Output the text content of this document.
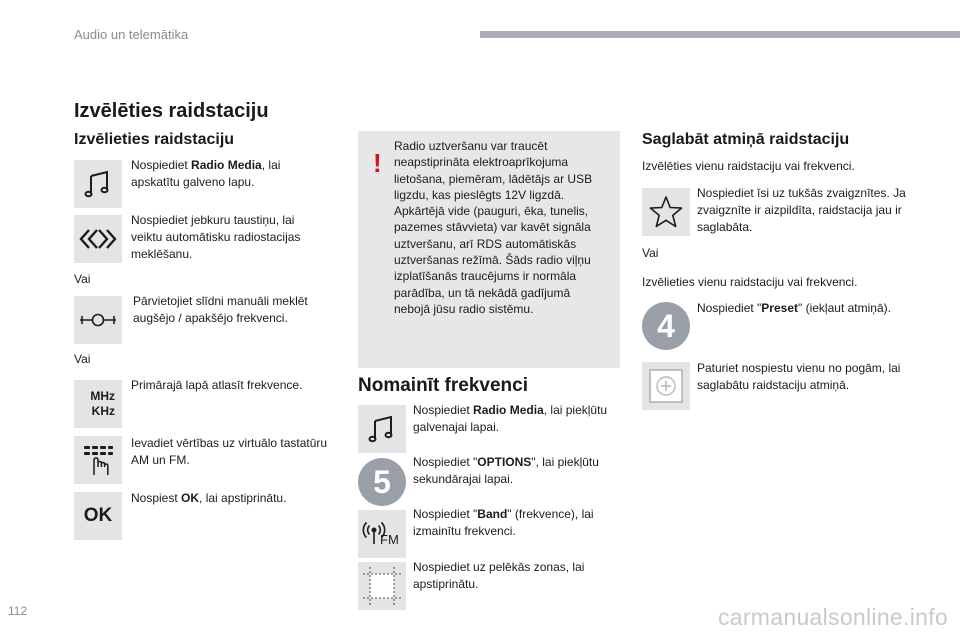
Audio un telemātika
Izvēlēties raidstaciju
Izvēlieties raidstaciju
Nospiediet Radio Media, lai apskatītu galveno lapu.
Nospiediet jebkuru taustiņu, lai veiktu automātisku radiostacijas meklēšanu.
Vai
Pārvietojiet slīdni manuāli meklēt augšējo / apakšējo frekvenci.
Vai
MHz
KHz
Primārajā lapā atlasīt frekvence.
Ievadiet vērtības uz virtuālo tastatūru AM un FM.
OK
Nospiest OK, lai apstiprinātu.
!
Radio uztveršanu var traucēt neapstiprināta elektroaprīkojuma lietošana, piemēram, lādētājs ar USB ligzdu, kas pieslēgts 12V ligzdā. Apkārtējā vide (pauguri, ēka, tunelis, pazemes stāvvieta) var kavēt signāla uztveršanu, arī RDS automātiskās uztveršanas režīmā. Šāds radio viļņu izplatīšanās traucējums ir normāla parādība, un tā nekādā gadījumā nebojā jūsu radio sistēmu.
Nomainīt frekvenci
Nospiediet Radio Media, lai piekļūtu galvenajai lapai.
5
Nospiediet "OPTIONS", lai piekļūtu sekundārajai lapai.
FM
Nospiediet "Band" (frekvence), lai izmainītu frekvenci.
Nospiediet uz pelēkās zonas, lai apstiprinātu.
Saglabāt atmiņā raidstaciju
Izvēlēties vienu raidstaciju vai frekvenci.
Nospiediet īsi uz tukšās zvaigznītes. Ja zvaigznīte ir aizpildīta, raidstacija jau ir saglabāta.
Vai
Izvēlieties vienu raidstaciju vai frekvenci.
4	Nospiediet "Preset" (iekļaut atmiņā).
Paturiet nospiestu vienu no pogām, lai saglabātu raidstaciju atmiņā.
112	carmanualsonline.info
